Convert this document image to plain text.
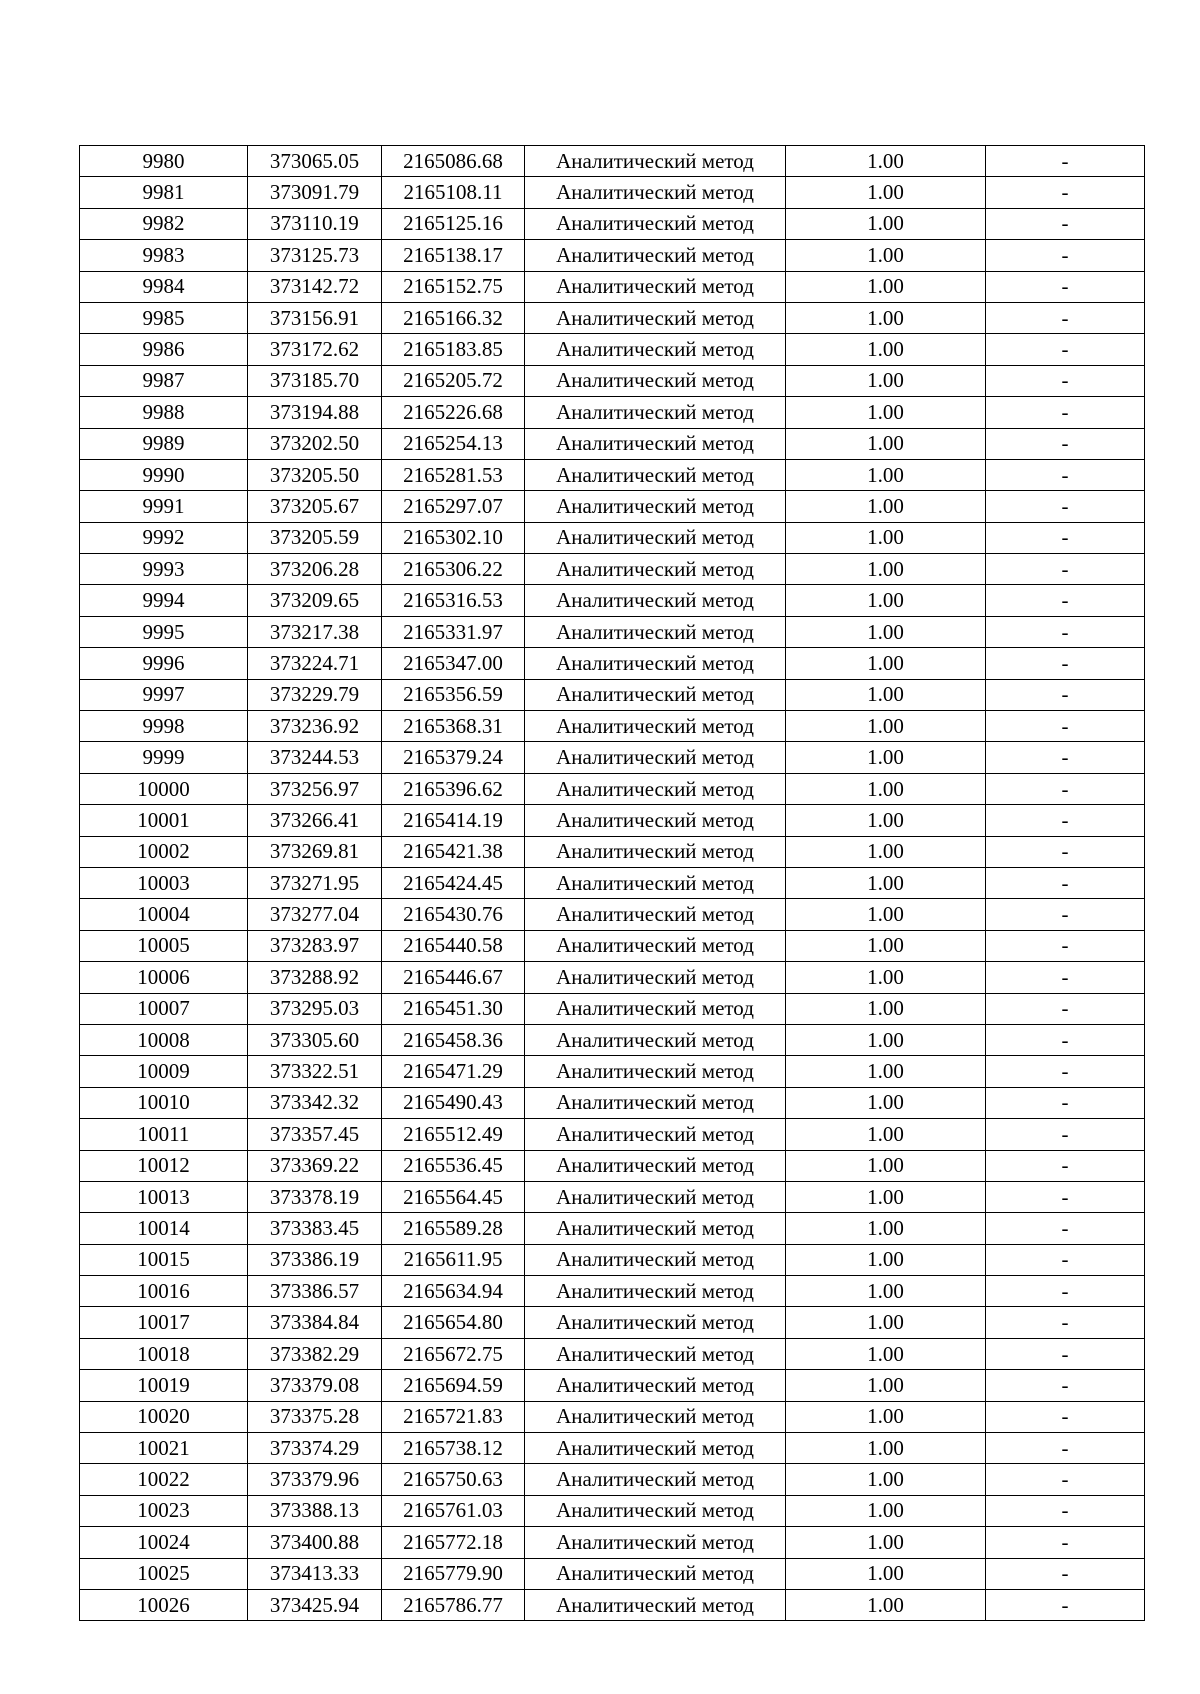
9980	373065.05	2165086.68	Аналитический метод	1.00	-
9981	373091.79	2165108.11	Аналитический метод	1.00	-
9982	373110.19	2165125.16	Аналитический метод	1.00	-
9983	373125.73	2165138.17	Аналитический метод	1.00	-
9984	373142.72	2165152.75	Аналитический метод	1.00	-
9985	373156.91	2165166.32	Аналитический метод	1.00	-
9986	373172.62	2165183.85	Аналитический метод	1.00	-
9987	373185.70	2165205.72	Аналитический метод	1.00	-
9988	373194.88	2165226.68	Аналитический метод	1.00	-
9989	373202.50	2165254.13	Аналитический метод	1.00	-
9990	373205.50	2165281.53	Аналитический метод	1.00	-
9991	373205.67	2165297.07	Аналитический метод	1.00	-
9992	373205.59	2165302.10	Аналитический метод	1.00	-
9993	373206.28	2165306.22	Аналитический метод	1.00	-
9994	373209.65	2165316.53	Аналитический метод	1.00	-
9995	373217.38	2165331.97	Аналитический метод	1.00	-
9996	373224.71	2165347.00	Аналитический метод	1.00	-
9997	373229.79	2165356.59	Аналитический метод	1.00	-
9998	373236.92	2165368.31	Аналитический метод	1.00	-
9999	373244.53	2165379.24	Аналитический метод	1.00	-
10000	373256.97	2165396.62	Аналитический метод	1.00	-
10001	373266.41	2165414.19	Аналитический метод	1.00	-
10002	373269.81	2165421.38	Аналитический метод	1.00	-
10003	373271.95	2165424.45	Аналитический метод	1.00	-
10004	373277.04	2165430.76	Аналитический метод	1.00	-
10005	373283.97	2165440.58	Аналитический метод	1.00	-
10006	373288.92	2165446.67	Аналитический метод	1.00	-
10007	373295.03	2165451.30	Аналитический метод	1.00	-
10008	373305.60	2165458.36	Аналитический метод	1.00	-
10009	373322.51	2165471.29	Аналитический метод	1.00	-
10010	373342.32	2165490.43	Аналитический метод	1.00	-
10011	373357.45	2165512.49	Аналитический метод	1.00	-
10012	373369.22	2165536.45	Аналитический метод	1.00	-
10013	373378.19	2165564.45	Аналитический метод	1.00	-
10014	373383.45	2165589.28	Аналитический метод	1.00	-
10015	373386.19	2165611.95	Аналитический метод	1.00	-
10016	373386.57	2165634.94	Аналитический метод	1.00	-
10017	373384.84	2165654.80	Аналитический метод	1.00	-
10018	373382.29	2165672.75	Аналитический метод	1.00	-
10019	373379.08	2165694.59	Аналитический метод	1.00	-
10020	373375.28	2165721.83	Аналитический метод	1.00	-
10021	373374.29	2165738.12	Аналитический метод	1.00	-
10022	373379.96	2165750.63	Аналитический метод	1.00	-
10023	373388.13	2165761.03	Аналитический метод	1.00	-
10024	373400.88	2165772.18	Аналитический метод	1.00	-
10025	373413.33	2165779.90	Аналитический метод	1.00	-
10026	373425.94	2165786.77	Аналитический метод	1.00	-
